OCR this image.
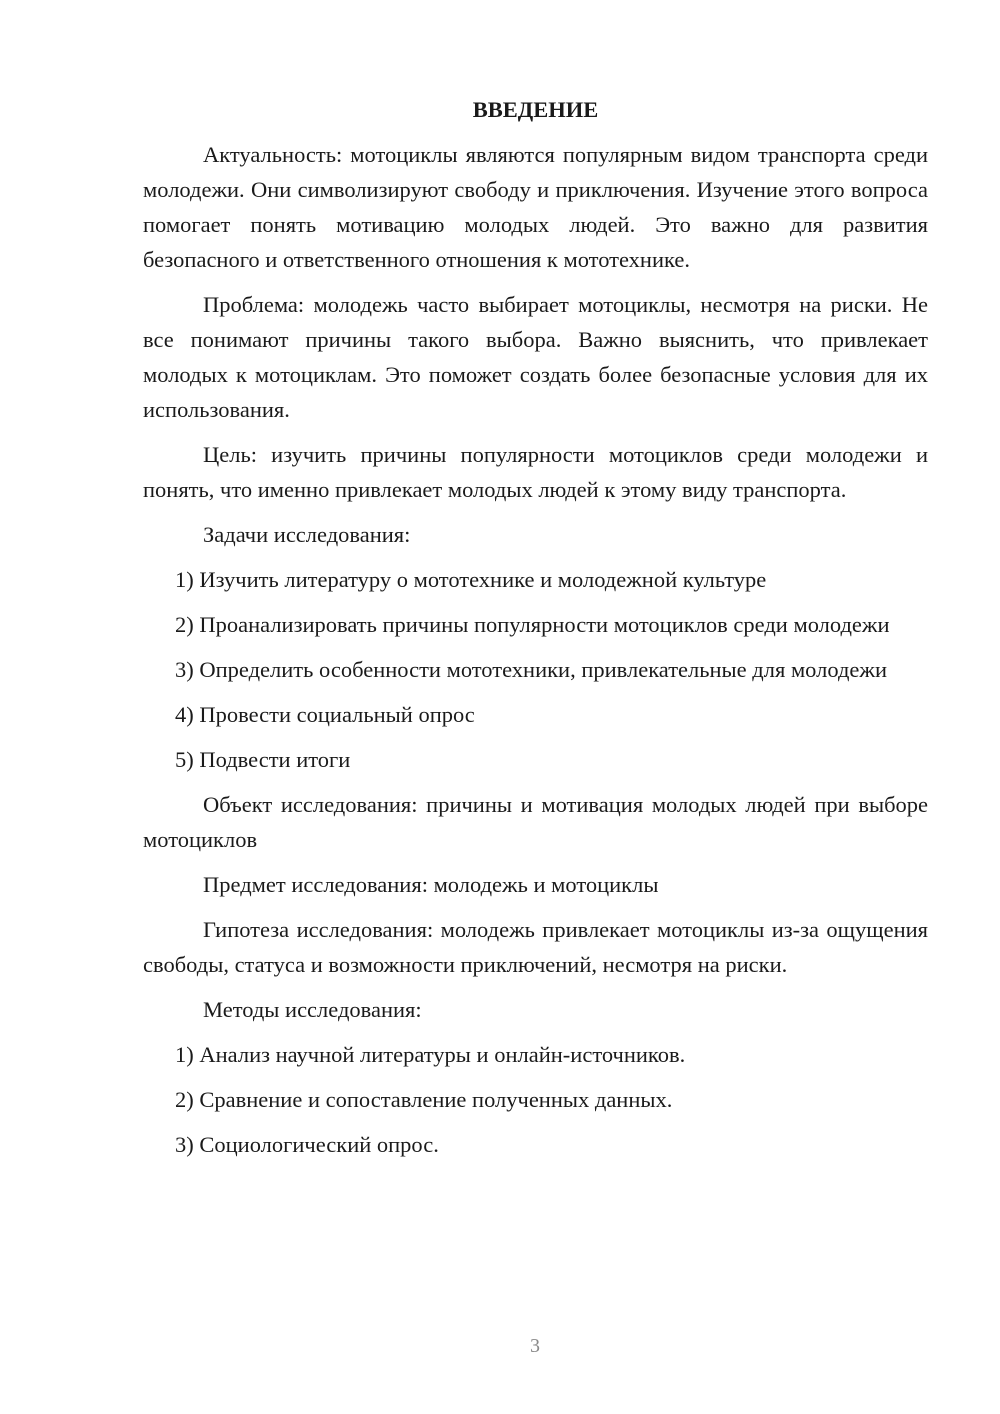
ВВЕДЕНИЕ

Актуальность: мотоциклы являются популярным видом транспорта среди молодежи. Они символизируют свободу и приключения. Изучение этого вопроса помогает понять мотивацию молодых людей. Это важно для развития безопасного и ответственного отношения к мототехнике.

Проблема: молодежь часто выбирает мотоциклы, несмотря на риски. Не все понимают причины такого выбора. Важно выяснить, что привлекает молодых к мотоциклам. Это поможет создать более безопасные условия для их использования.

Цель: изучить причины популярности мотоциклов среди молодежи и понять, что именно привлекает молодых людей к этому виду транспорта.

Задачи исследования:

1) Изучить литературу о мототехнике и молодежной культуре

2) Проанализировать причины популярности мотоциклов среди молодежи

3) Определить особенности мототехники, привлекательные для молодежи

4) Провести социальный опрос

5) Подвести итоги

Объект исследования: причины и мотивация молодых людей при выборе мотоциклов

Предмет исследования: молодежь и мотоциклы

Гипотеза исследования: молодежь привлекает мотоциклы из-за ощущения свободы, статуса и возможности приключений, несмотря на риски.

Методы исследования:

1) Анализ научной литературы и онлайн-источников.

2) Сравнение и сопоставление полученных данных.

3) Социологический опрос.

3
